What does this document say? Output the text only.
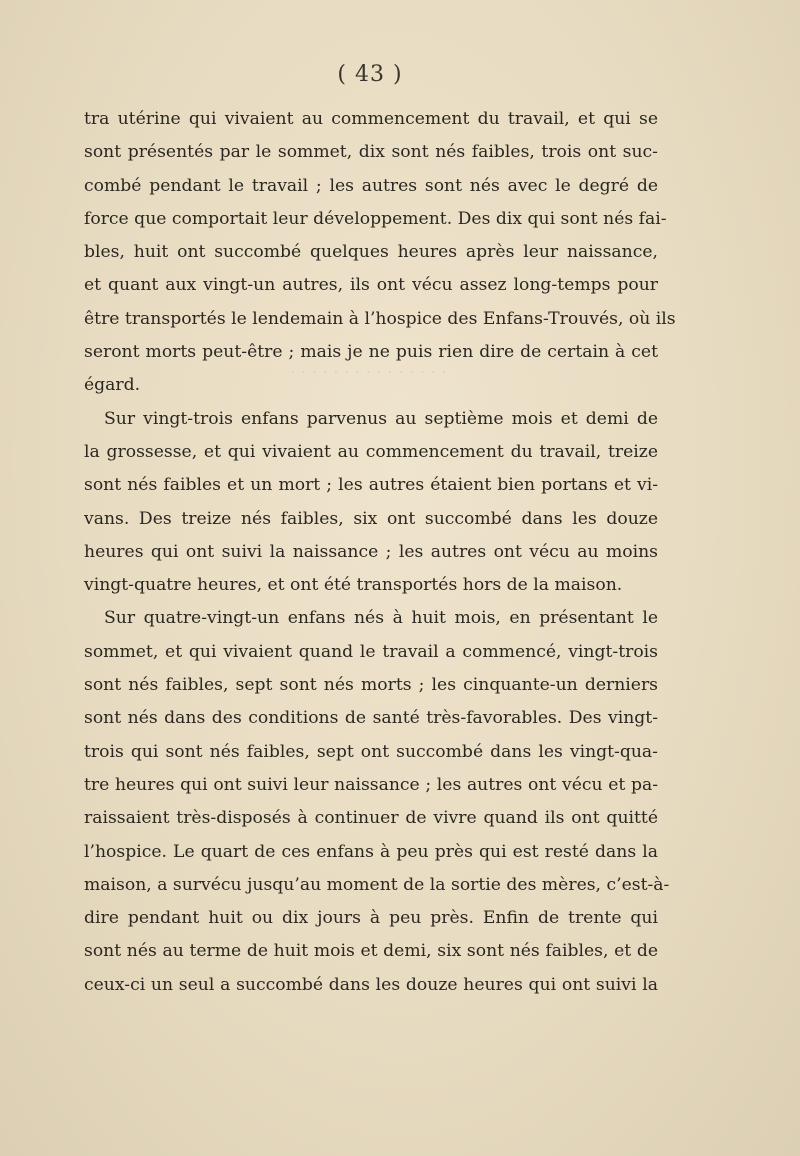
· · · · · · · · · · · · · · ·
( 43 )
tra utérine qui vivaient au commencement du travail, et qui se
sont présentés par le sommet, dix sont nés faibles, trois ont suc-
combé pendant le travail ; les autres sont nés avec le degré de
force que comportait leur développement. Des dix qui sont nés fai-
bles, huit ont succombé quelques heures après leur naissance,
et quant aux vingt-un autres, ils ont vécu assez long-temps pour
être transportés le lendemain à l’hospice des Enfans-Trouvés, où ils
seront morts peut-être ; mais je ne puis rien dire de certain à cet
égard.
Sur vingt-trois enfans parvenus au septième mois et demi de
la grossesse, et qui vivaient au commencement du travail, treize
sont nés faibles et un mort ; les autres étaient bien portans et vi-
vans. Des treize nés faibles, six ont succombé dans les douze
heures qui ont suivi la naissance ; les autres ont vécu au moins
vingt-quatre heures, et ont été transportés hors de la maison.
Sur quatre-vingt-un enfans nés à huit mois, en présentant le
sommet, et qui vivaient quand le travail a commencé, vingt-trois
sont nés faibles, sept sont nés morts ; les cinquante-un derniers
sont nés dans des conditions de santé très-favorables. Des vingt-
trois qui sont nés faibles, sept ont succombé dans les vingt-qua-
tre heures qui ont suivi leur naissance ; les autres ont vécu et pa-
raissaient très-disposés à continuer de vivre quand ils ont quitté
l’hospice. Le quart de ces enfans à peu près qui est resté dans la
maison, a survécu jusqu’au moment de la sortie des mères, c’est-à-
dire pendant huit ou dix jours à peu près. Enfin de trente qui
sont nés au terme de huit mois et demi, six sont nés faibles, et de
ceux-ci un seul a succombé dans les douze heures qui ont suivi la
